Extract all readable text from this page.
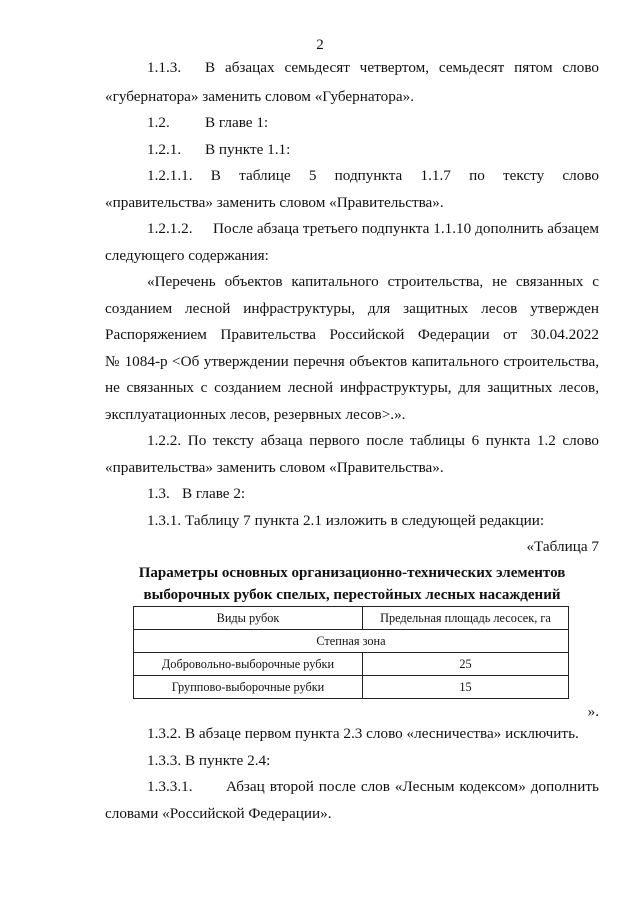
2
1.1.3. В абзацах семьдесят четвертом, семьдесят пятом слово
«губернатора» заменить словом «Губернатора».
1.2. В главе 1:
1.2.1. В пункте 1.1:
1.2.1.1. В таблице 5 подпункта 1.1.7 по тексту слово
«правительства» заменить словом «Правительства».
1.2.1.2. После абзаца третьего подпункта 1.1.10 дополнить абзацем
следующего содержания:
«Перечень объектов капитального строительства, не связанных с
созданием лесной инфраструктуры, для защитных лесов утвержден
Распоряжением Правительства Российской Федерации от 30.04.2022
№ 1084-р <Об утверждении перечня объектов капитального строительства,
не связанных с созданием лесной инфраструктуры, для защитных лесов,
эксплуатационных лесов, резервных лесов>.».
1.2.2. По тексту абзаца первого после таблицы 6 пункта 1.2 слово
«правительства» заменить словом «Правительства».
1.3. В главе 2:
1.3.1. Таблицу 7 пункта 2.1 изложить в следующей редакции:
«Таблица 7
Параметры основных организационно-технических элементов
выборочных рубок спелых, перестойных лесных насаждений
Виды рубок	Предельная площадь лесосек, га
Степная зона	
Добровольно-выборочные рубки	25
Группово-выборочные рубки	15
».
1.3.2. В абзаце первом пункта 2.3 слово «лесничества» исключить.
1.3.3. В пункте 2.4:
1.3.3.1. Абзац второй после слов «Лесным кодексом» дополнить
словами «Российской Федерации».
